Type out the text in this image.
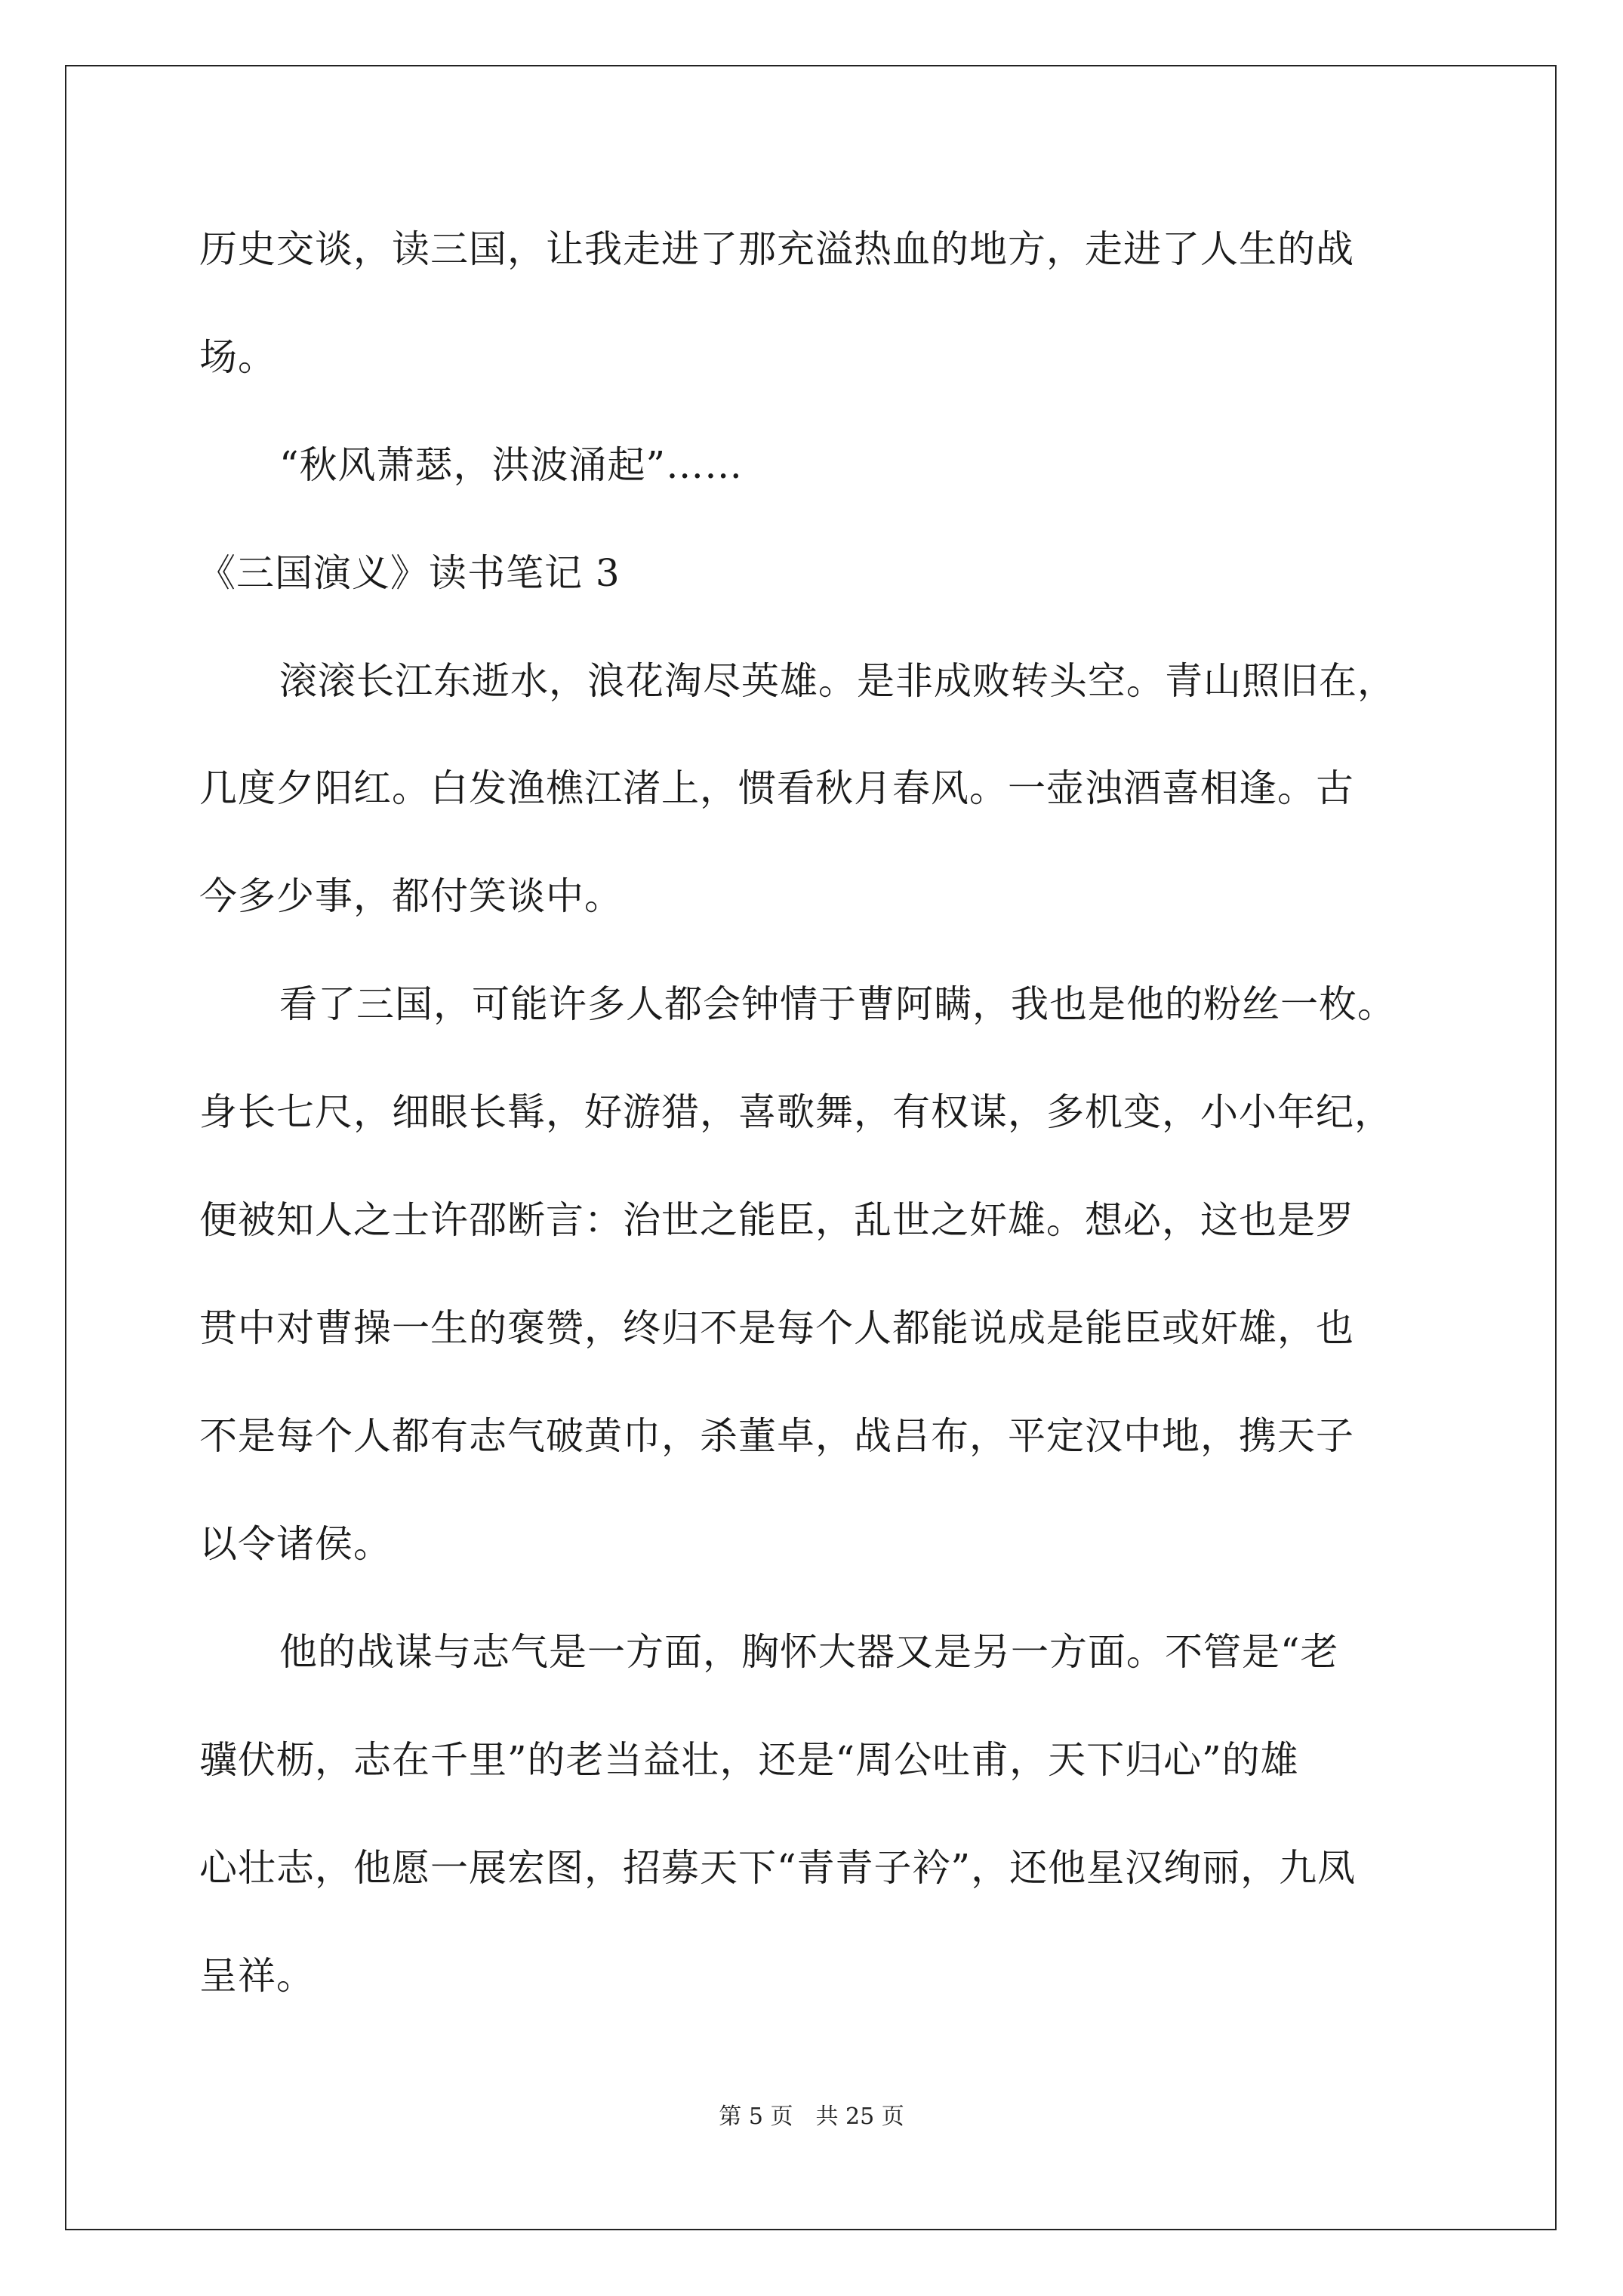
历史交谈，读三国，让我走进了那充溢热血的地方，走进了人生的战
场。
“秋风萧瑟，洪波涌起”……
《三国演义》读书笔记 3
滚滚长江东逝水，浪花淘尽英雄。是非成败转头空。青山照旧在，
几度夕阳红。白发渔樵江渚上，惯看秋月春风。一壶浊酒喜相逢。古
今多少事，都付笑谈中。
看了三国，可能许多人都会钟情于曹阿瞒，我也是他的粉丝一枚。
身长七尺，细眼长髯，好游猎，喜歌舞，有权谋，多机变，小小年纪，
便被知人之士许邵断言：治世之能臣，乱世之奸雄。想必，这也是罗
贯中对曹操一生的褒赞，终归不是每个人都能说成是能臣或奸雄，也
不是每个人都有志气破黄巾，杀董卓，战吕布，平定汉中地，携天子
以令诸侯。
他的战谋与志气是一方面，胸怀大器又是另一方面。不管是“老
骥伏枥，志在千里”的老当益壮，还是“周公吐甫，天下归心”的雄
心壮志，他愿一展宏图，招募天下“青青子衿”，还他星汉绚丽，九凤
呈祥。
第 5 页　共 25 页
